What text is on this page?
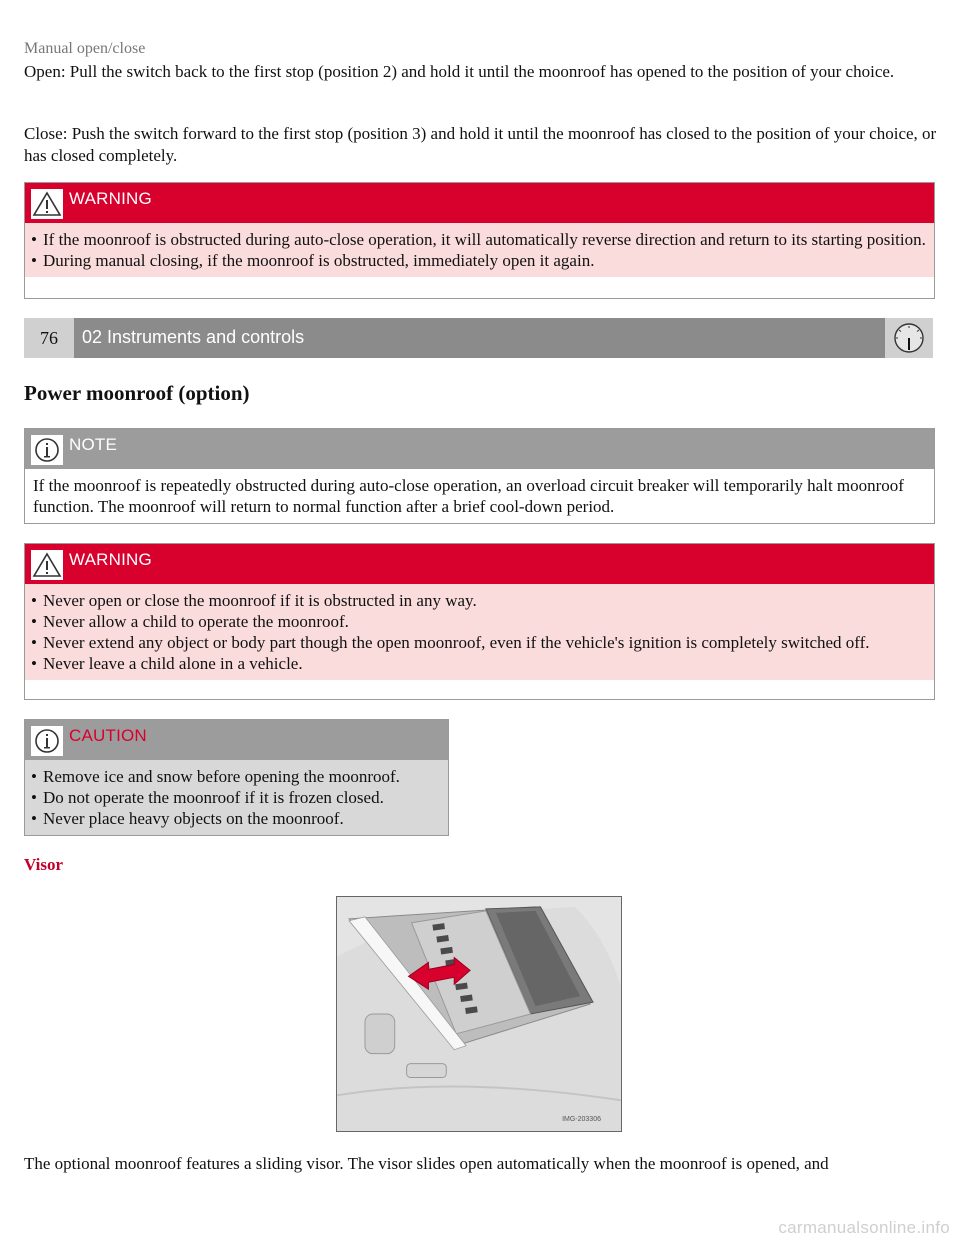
Manual open/close
Open: Pull the switch back to the first stop (position 2) and hold it until the moonroof has opened to the position of your choice.
Close: Push the switch forward to the first stop (position 3) and hold it until the moonroof has closed to the position of your choice, or has closed completely.
WARNING
• If the moonroof is obstructed during auto-close operation, it will automatically reverse direction and return to its starting position.
• During manual closing, if the moonroof is obstructed, immediately open it again.
76	02 Instruments and controls
Power moonroof (option)
NOTE

If the moonroof is repeatedly obstructed during auto-close operation, an overload circuit breaker will temporarily halt moonroof function. The moonroof will return to normal function after a brief cool-down period.

WARNING
• Never open or close the moonroof if it is obstructed in any way.
• Never allow a child to operate the moonroof.
• Never extend any object or body part though the open moonroof, even if the vehicle's ignition is completely switched off.
• Never leave a child alone in a vehicle.
CAUTION
• Remove ice and snow before opening the moonroof.
• Do not operate the moonroof if it is frozen closed.
• Never place heavy objects on the moonroof.
Visor
IMG-203306
The optional moonroof features a sliding visor. The visor slides open automatically when the moonroof is opened, and
carmanualsonline.info
